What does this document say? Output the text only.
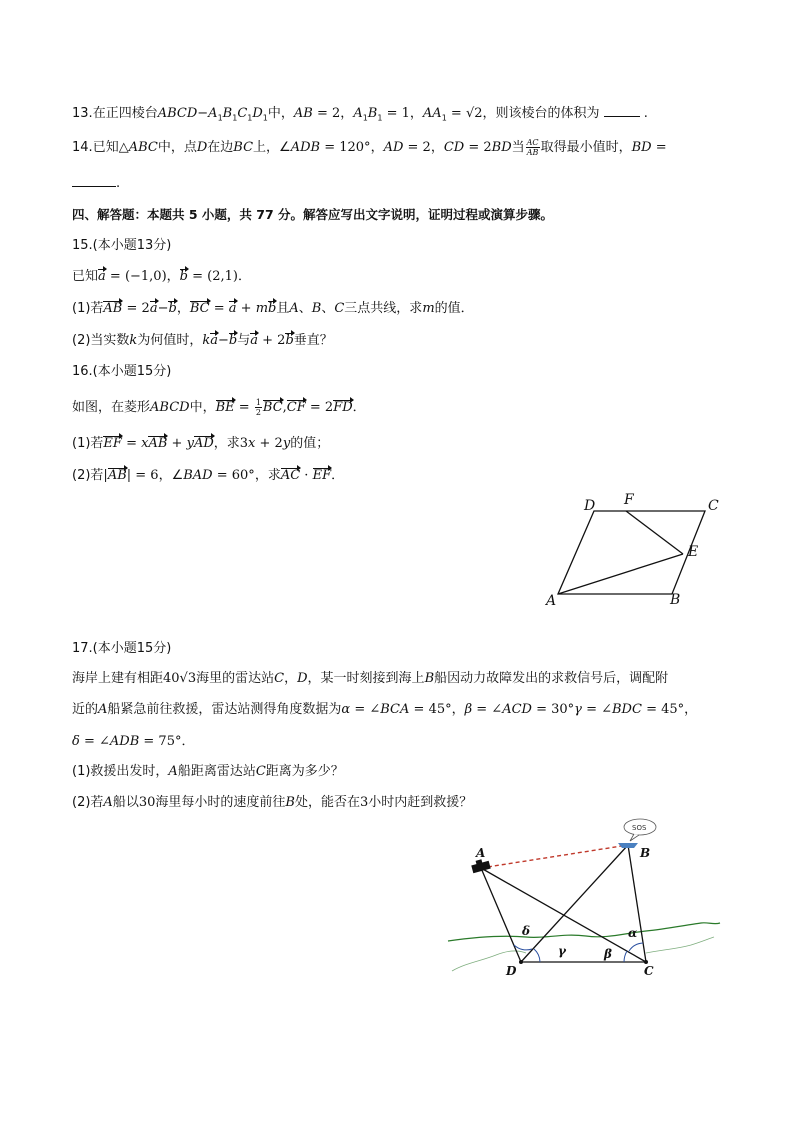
13.在正四棱台$ABCD-A_1B_1C_1D_1$中，AB = 2，$A_1B_1 = 1$，$AA_1 = √2$，则该棱台的体积为	.
14.已知△ABC中，点D在边BC上，∠ADB = 120°，AD = 2，CD = 2BD当 $\frac{AC}{AB}$ 取得最小值时，BD =
.
四、解答题：本题共 5 小题，共 77 分。解答应写出文字说明，证明过程或演算步骤。
15.(本小题13分)
已知a = (−1,0)，b = (2,1)．
(1)若AB = 2a−b，BC = a + mb且A、B、C三点共线，求m的值．
(2)当实数k为何值时，ka−b与a + 2b垂直？
16.(本小题15分)
如图，在菱形ABCD中，BE = $\frac{1}{2} BC,CF = 2FD$．
(1)若EF = xAB + yAD，求3x + 2y的值；
(2)若|AB| = 6，∠BAD = 60°，求AC · EF．
D F	C
E
A	B
17.(本小题15分)
海岸上建有相距40√3海里的雷达站C，D，某一时刻接到海上B船因动力故障发出的求救信号后，调配附
近的A船紧急前往救援，雷达站测得角度数据为α = ∠BCA = 45°，β = ∠ACD = 30°γ = ∠BDC = 45°，
δ = ∠ADB = 75°．
(1)救援出发时，A船距离雷达站C距离为多少？
(2)若A船以30海里每小时的速度前往B处，能否在3小时内赶到救援？
SOS
A	B
D	C
δ
γ	β
α
